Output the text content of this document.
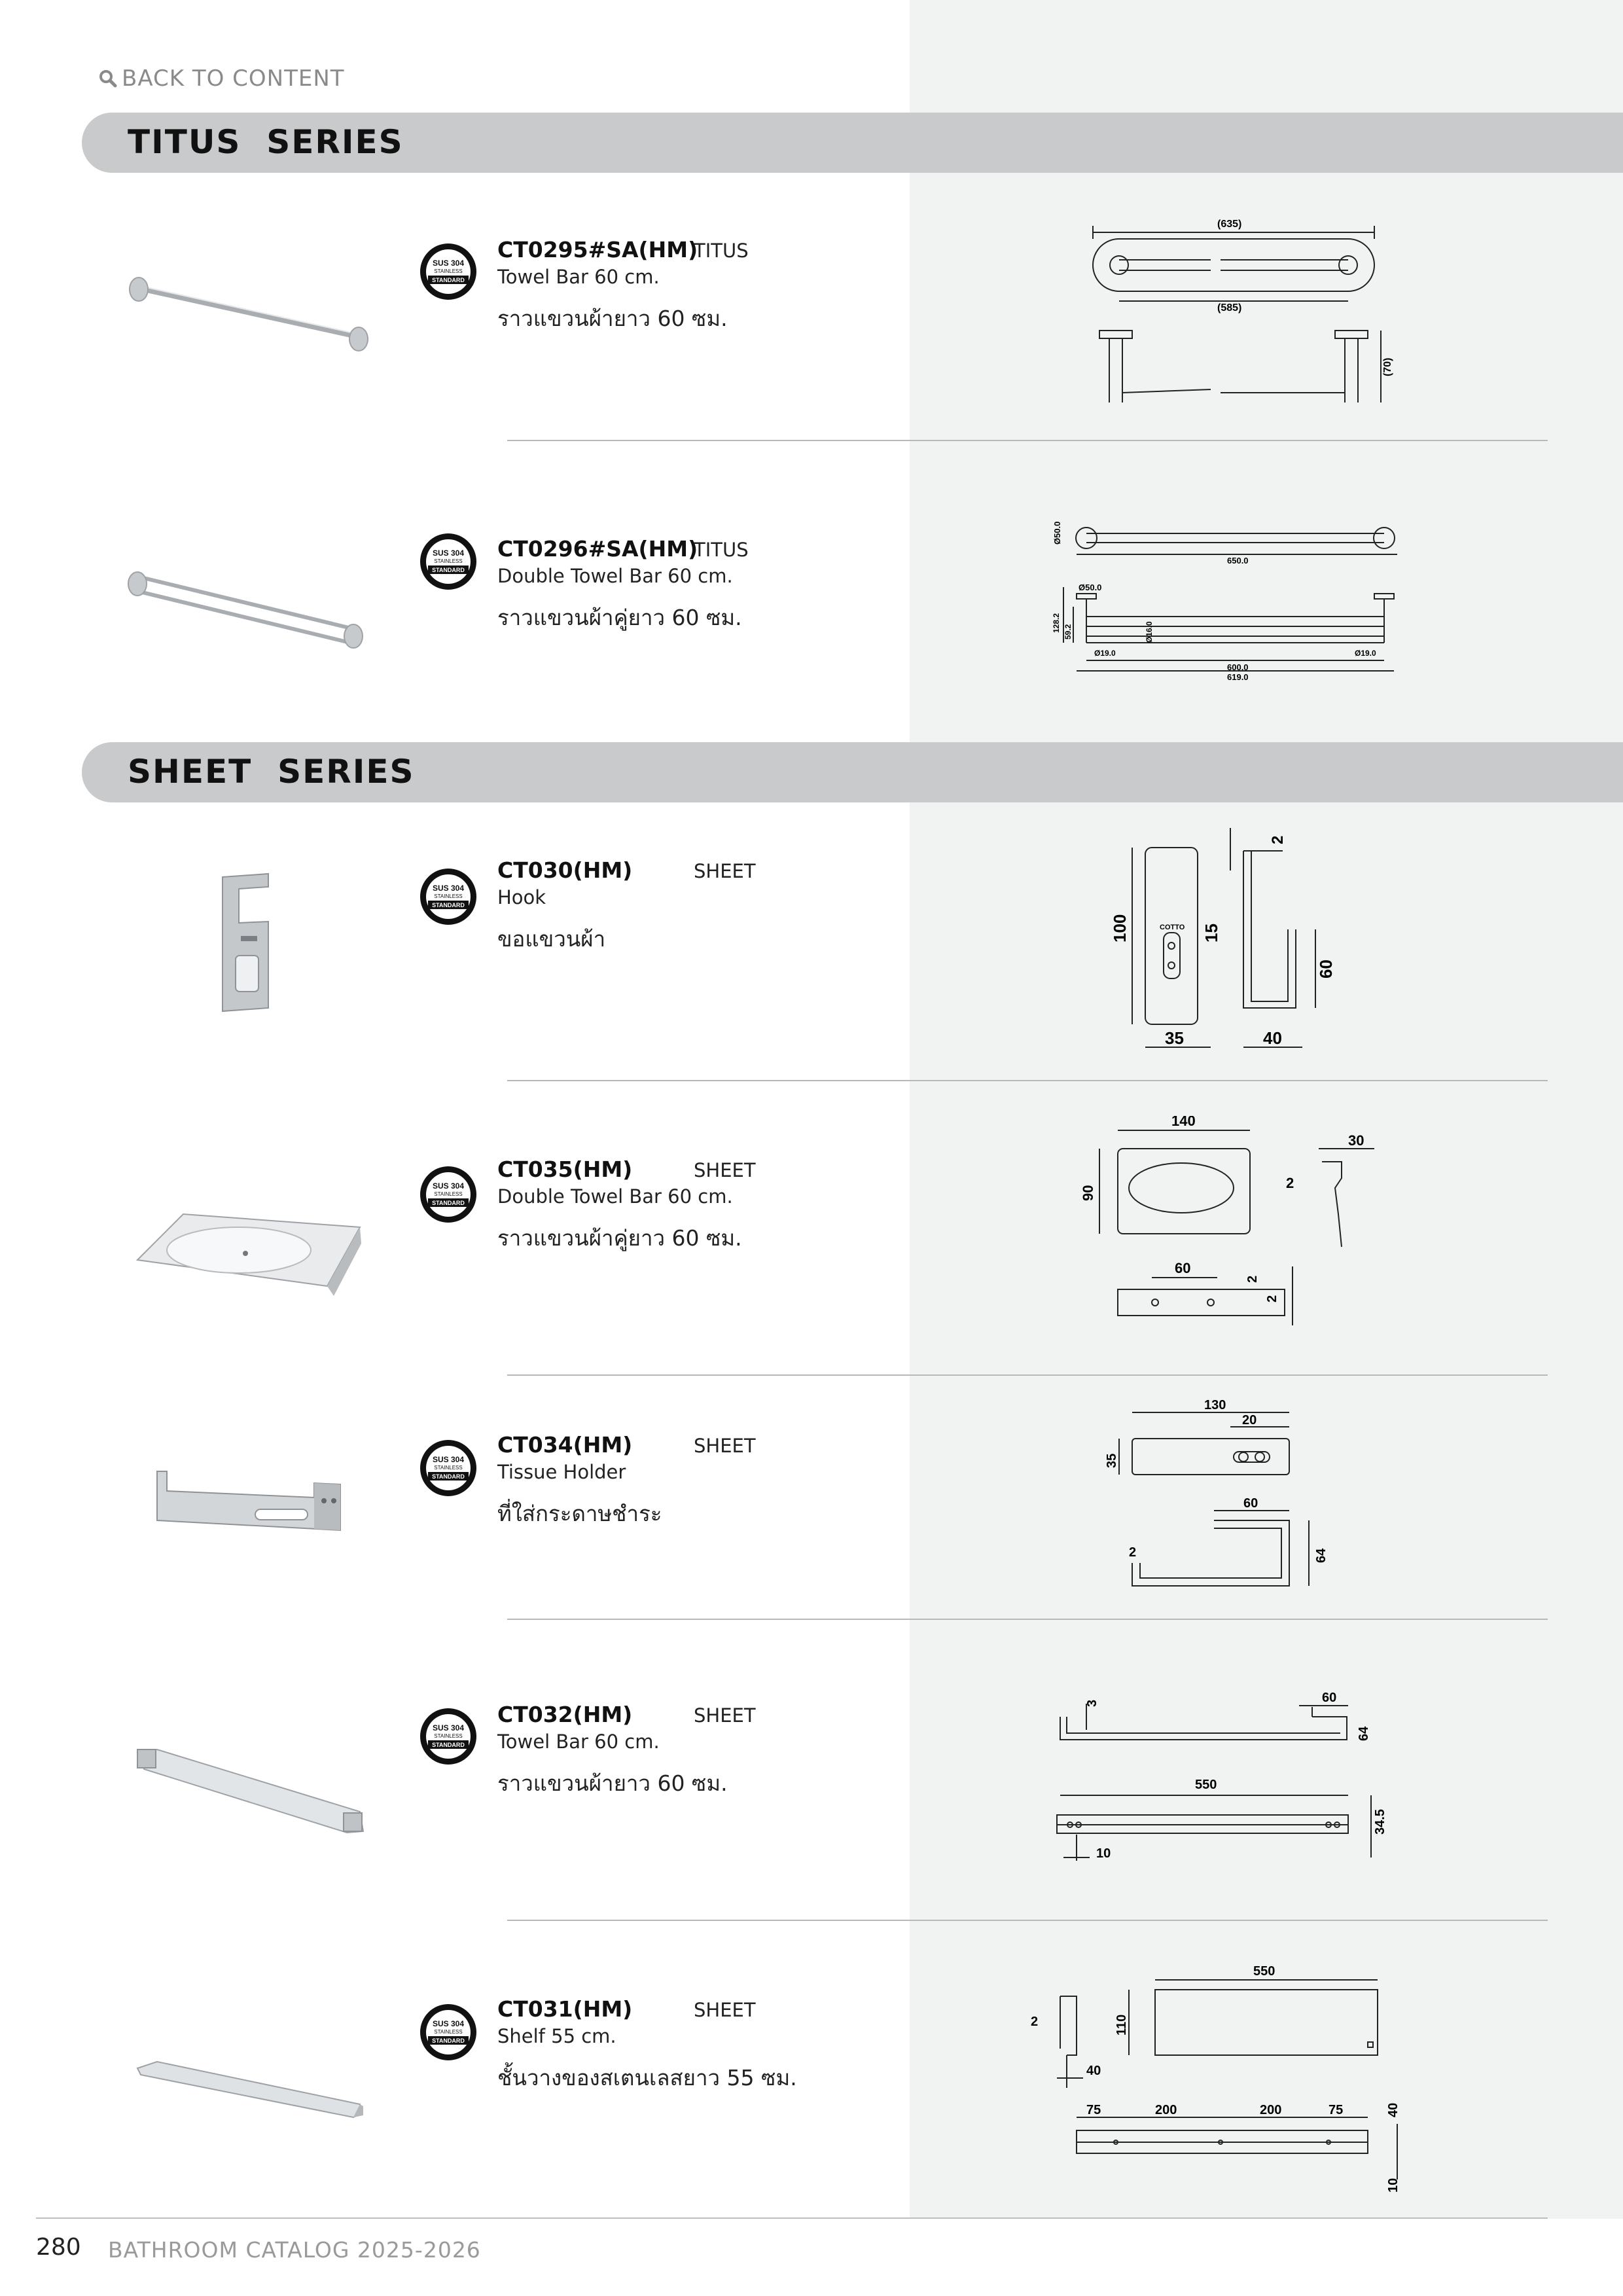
BACK TO CONTENT
TITUS  SERIES
SUS 304
STAINLESS
STANDARD
CT0295#SA(HM)
TITUS
Towel Bar 60 cm.
ราวแขวนผ้ายาว 60 ซม.
(635)
(585)
(70)
SUS 304
STAINLESS
STANDARD
CT0296#SA(HM)
TITUS
Double Towel Bar 60 cm.
ราวแขวนผ้าคู่ยาว 60 ซม.
Ø50.0
650.0
Ø50.0
128.2 59.2	Ø16.0
Ø19.0	Ø19.0
600.0
619.0
SHEET  SERIES
SUS 304
STAINLESS
STANDARD
CT030(HM)	SHEET
Hook
ขอแขวนผ้า	100	15
35
2
60
40
COTTO
SUS 304
STAINLESS
STANDARD
CT035(HM)	SHEET
Double Towel Bar 60 cm.
ราวแขวนผ้าคู่ยาว 60 ซม.
140
90
30
2
60
2
2
SUS 304
STAINLESS
STANDARD
CT034(HM)	SHEET
Tissue Holder
ที่ใส่กระดาษชำระ
130
20
35
60
2	64
SUS 304
STAINLESS
STANDARD
CT032(HM)	SHEET
Towel Bar 60 cm.
ราวแขวนผ้ายาว 60 ซม.
3	60
64
550
34.5
10
SUS 304
STAINLESS
STANDARD
CT031(HM)	SHEET
Shelf 55 cm.
ชั้นวางของสเตนเลสยาว 55 ซม.
550
2	110
40
75	200	200	75	40
10
280 BATHROOM CATALOG 2025-2026
